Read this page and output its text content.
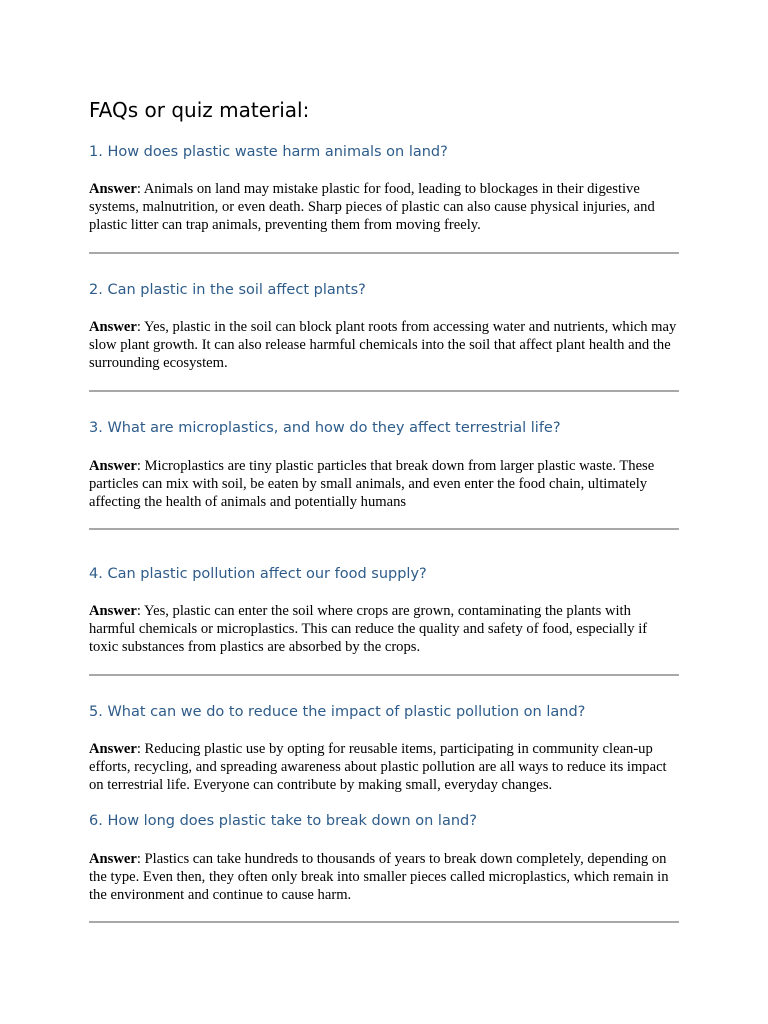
FAQs or quiz material:
1. How does plastic waste harm animals on land?

Answer: Animals on land may mistake plastic for food, leading to blockages in their digestive systems, malnutrition, or even death. Sharp pieces of plastic can also cause physical injuries, and plastic litter can trap animals, preventing them from moving freely.

2. Can plastic in the soil affect plants?

Answer: Yes, plastic in the soil can block plant roots from accessing water and nutrients, which may slow plant growth. It can also release harmful chemicals into the soil that affect plant health and the surrounding ecosystem.

3. What are microplastics, and how do they affect terrestrial life?

Answer: Microplastics are tiny plastic particles that break down from larger plastic waste. These particles can mix with soil, be eaten by small animals, and even enter the food chain, ultimately affecting the health of animals and potentially humans

4. Can plastic pollution affect our food supply?

Answer: Yes, plastic can enter the soil where crops are grown, contaminating the plants with harmful chemicals or microplastics. This can reduce the quality and safety of food, especially if toxic substances from plastics are absorbed by the crops.

5. What can we do to reduce the impact of plastic pollution on land?

Answer: Reducing plastic use by opting for reusable items, participating in community clean-up efforts, recycling, and spreading awareness about plastic pollution are all ways to reduce its impact on terrestrial life. Everyone can contribute by making small, everyday changes.

6. How long does plastic take to break down on land?

Answer: Plastics can take hundreds to thousands of years to break down completely, depending on the type. Even then, they often only break into smaller pieces called microplastics, which remain in the environment and continue to cause harm.
